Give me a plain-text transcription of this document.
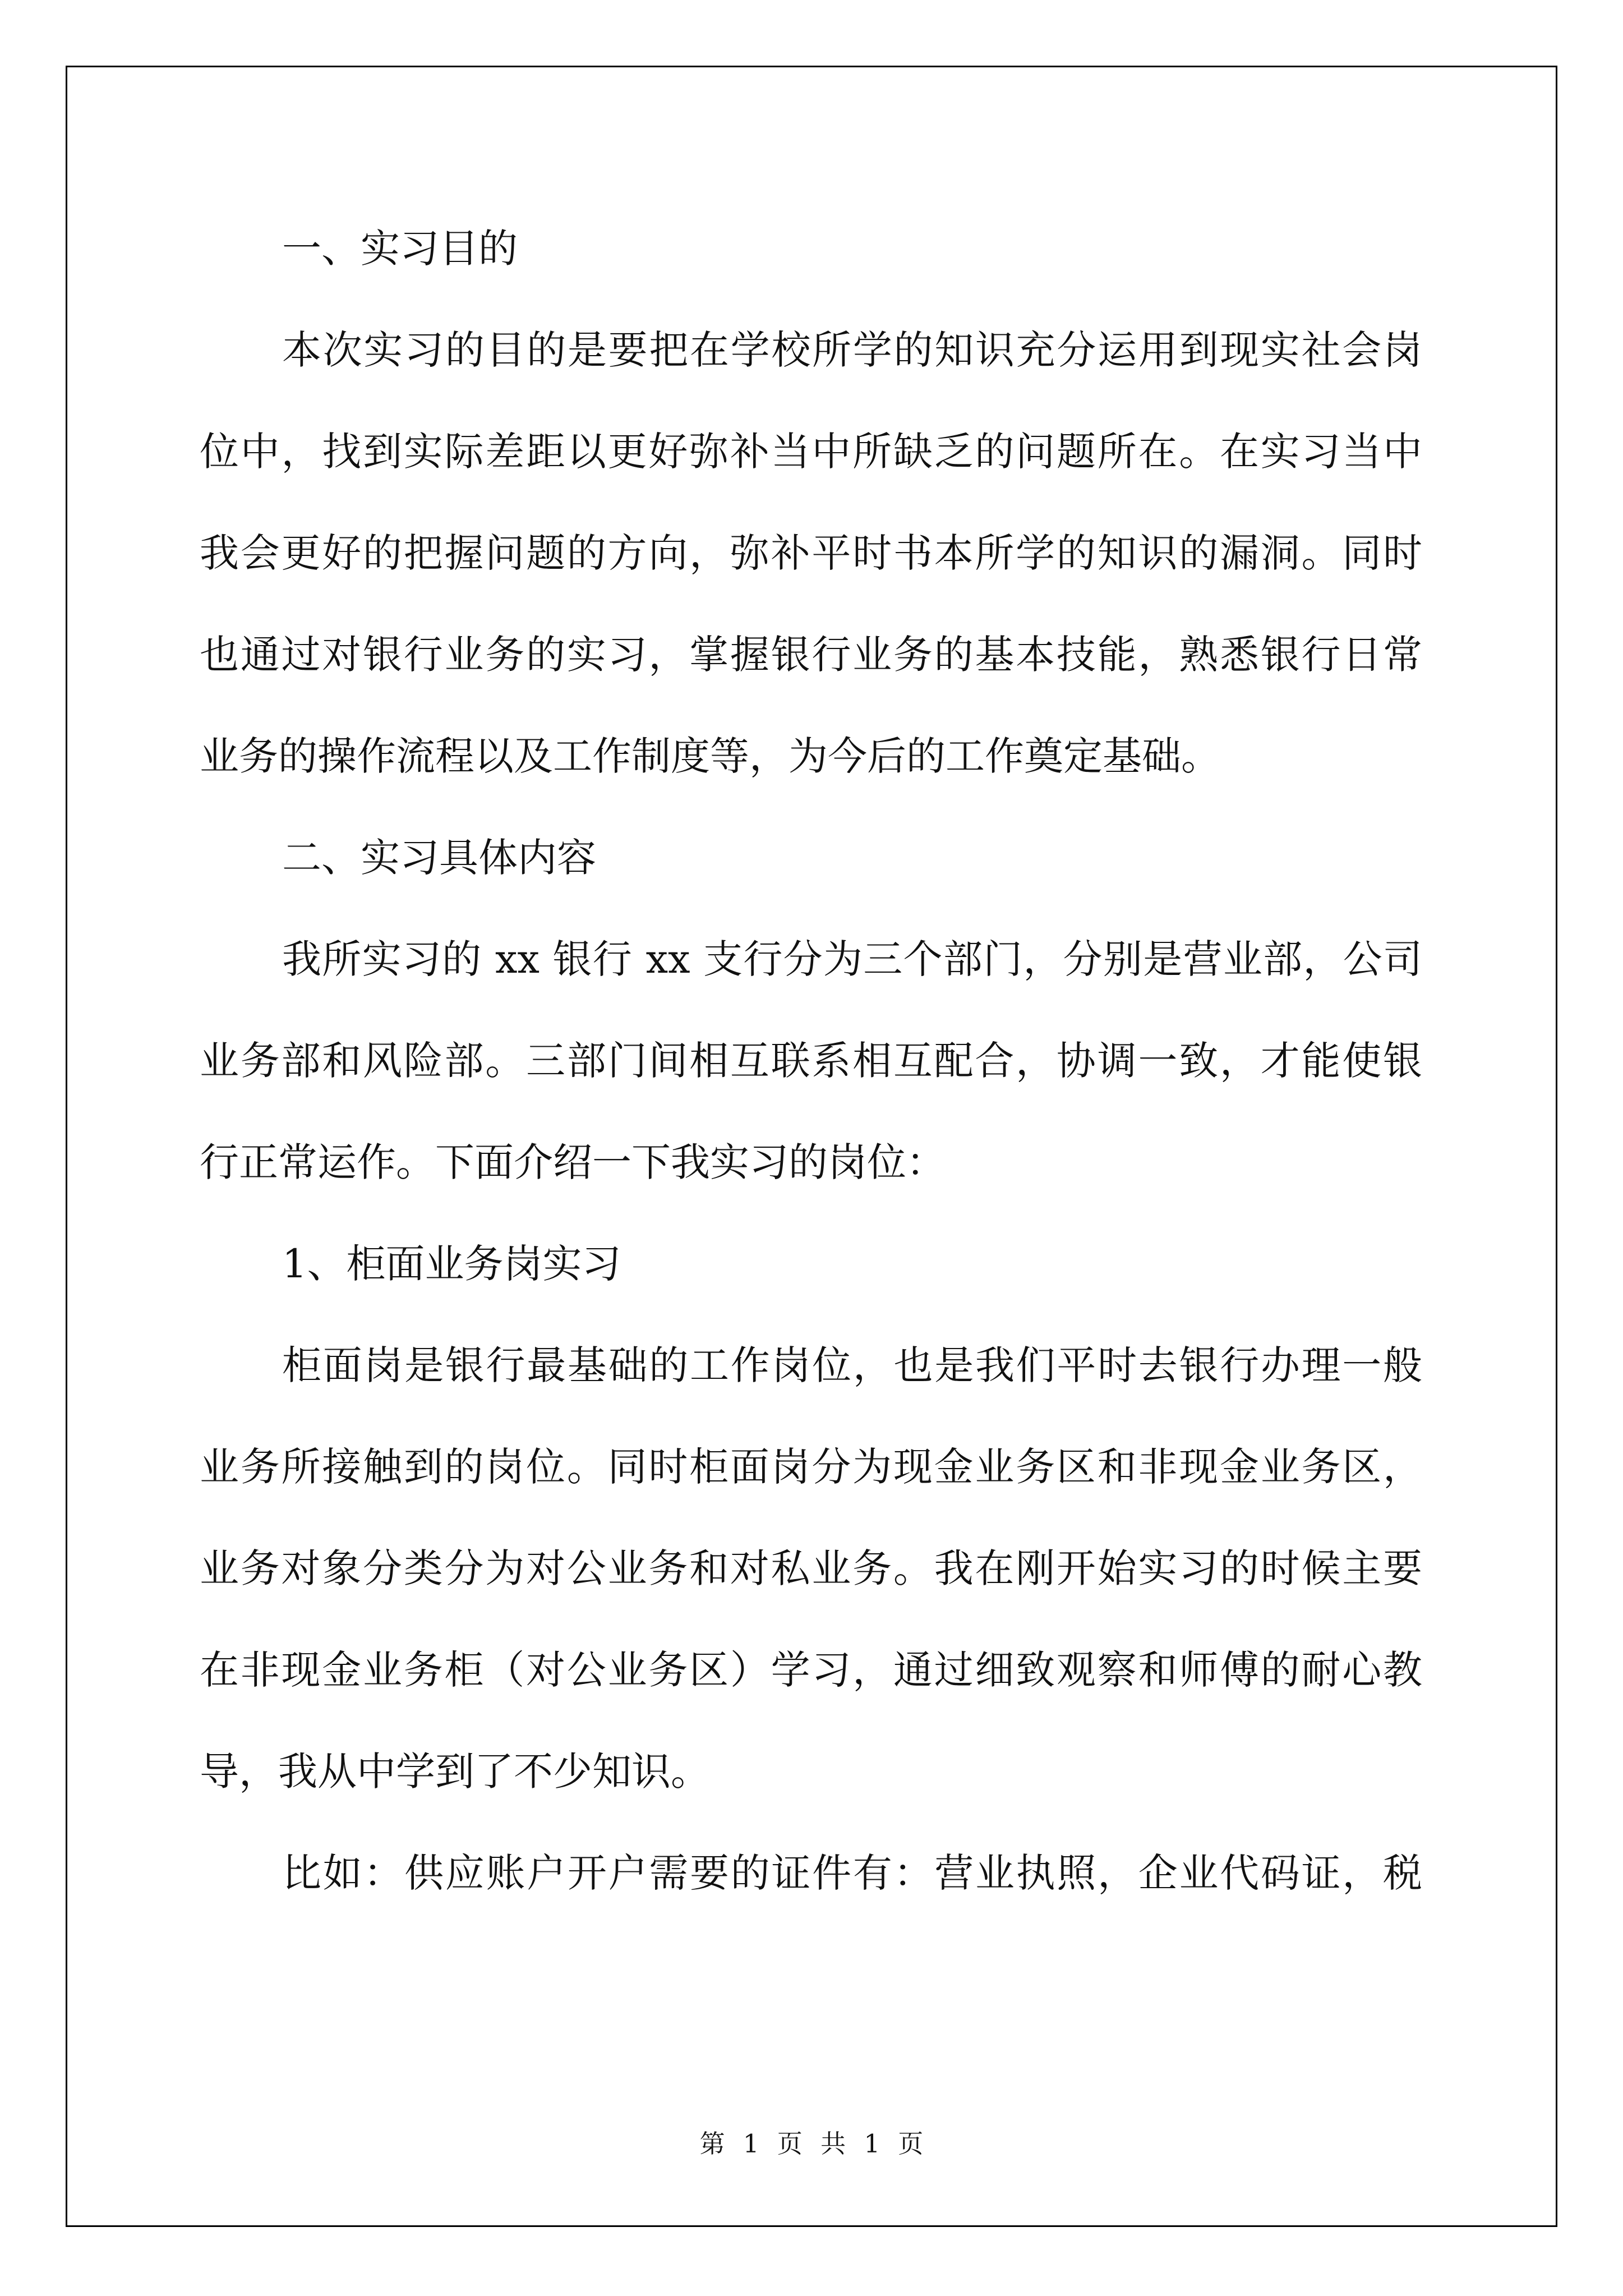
一、实习目的
本次实习的目的是要把在学校所学的知识充分运用到现实社会岗
位中，找到实际差距以更好弥补当中所缺乏的问题所在。在实习当中
我会更好的把握问题的方向，弥补平时书本所学的知识的漏洞。同时
也通过对银行业务的实习，掌握银行业务的基本技能，熟悉银行日常
业务的操作流程以及工作制度等，为今后的工作奠定基础。
二、实习具体内容
我所实习的 xx 银行 xx 支行分为三个部门，分别是营业部，公司
业务部和风险部。三部门间相互联系相互配合，协调一致，才能使银
行正常运作。下面介绍一下我实习的岗位：
1、柜面业务岗实习
柜面岗是银行最基础的工作岗位，也是我们平时去银行办理一般
业务所接触到的岗位。同时柜面岗分为现金业务区和非现金业务区，
业务对象分类分为对公业务和对私业务。我在刚开始实习的时候主要
在非现金业务柜（对公业务区）学习，通过细致观察和师傅的耐心教
导，我从中学到了不少知识。
比如：供应账户开户需要的证件有：营业执照，企业代码证，税
第 1 页 共 1 页
